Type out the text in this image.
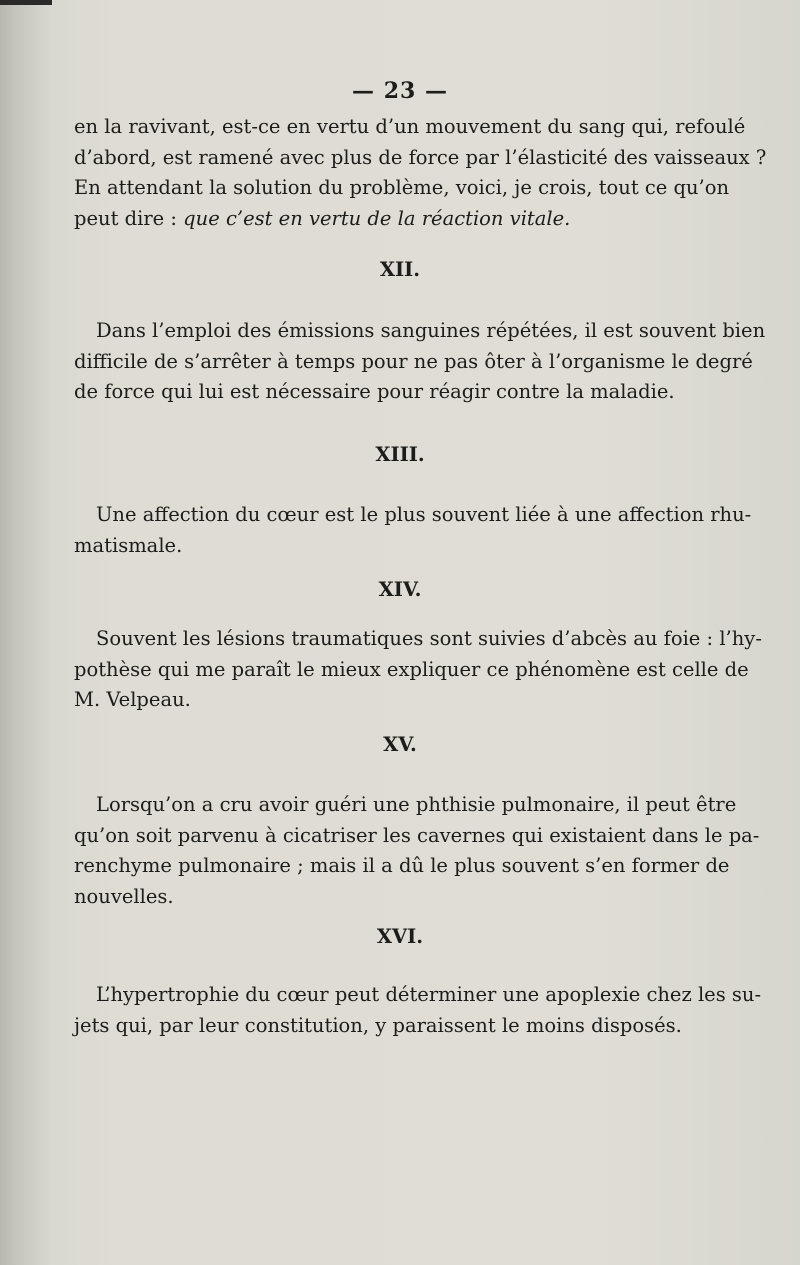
— 23 —
en la ravivant, est-ce en vertu d’un mouvement du sang qui, refoulé
d’abord, est ramené avec plus de force par l’élasticité des vaisseaux ?
En attendant la solution du problème, voici, je crois, tout ce qu’on
peut dire : que c’est en vertu de la réaction vitale.
XII.
Dans l’emploi des émissions sanguines répétées, il est souvent bien
difficile de s’arrêter à temps pour ne pas ôter à l’organisme le degré
de force qui lui est nécessaire pour réagir contre la maladie.
XIII.
Une affection du cœur est le plus souvent liée à une affection rhu-
matismale.
XIV.
Souvent les lésions traumatiques sont suivies d’abcès au foie : l’hy-
pothèse qui me paraît le mieux expliquer ce phénomène est celle de
M. Velpeau.
XV.
Lorsqu’on a cru avoir guéri une phthisie pulmonaire, il peut être
qu’on soit parvenu à cicatriser les cavernes qui existaient dans le pa-
renchyme pulmonaire ; mais il a dû le plus souvent s’en former de
nouvelles.
XVI.
L’hypertrophie du cœur peut déterminer une apoplexie chez les su-
jets qui, par leur constitution, y paraissent le moins disposés.
